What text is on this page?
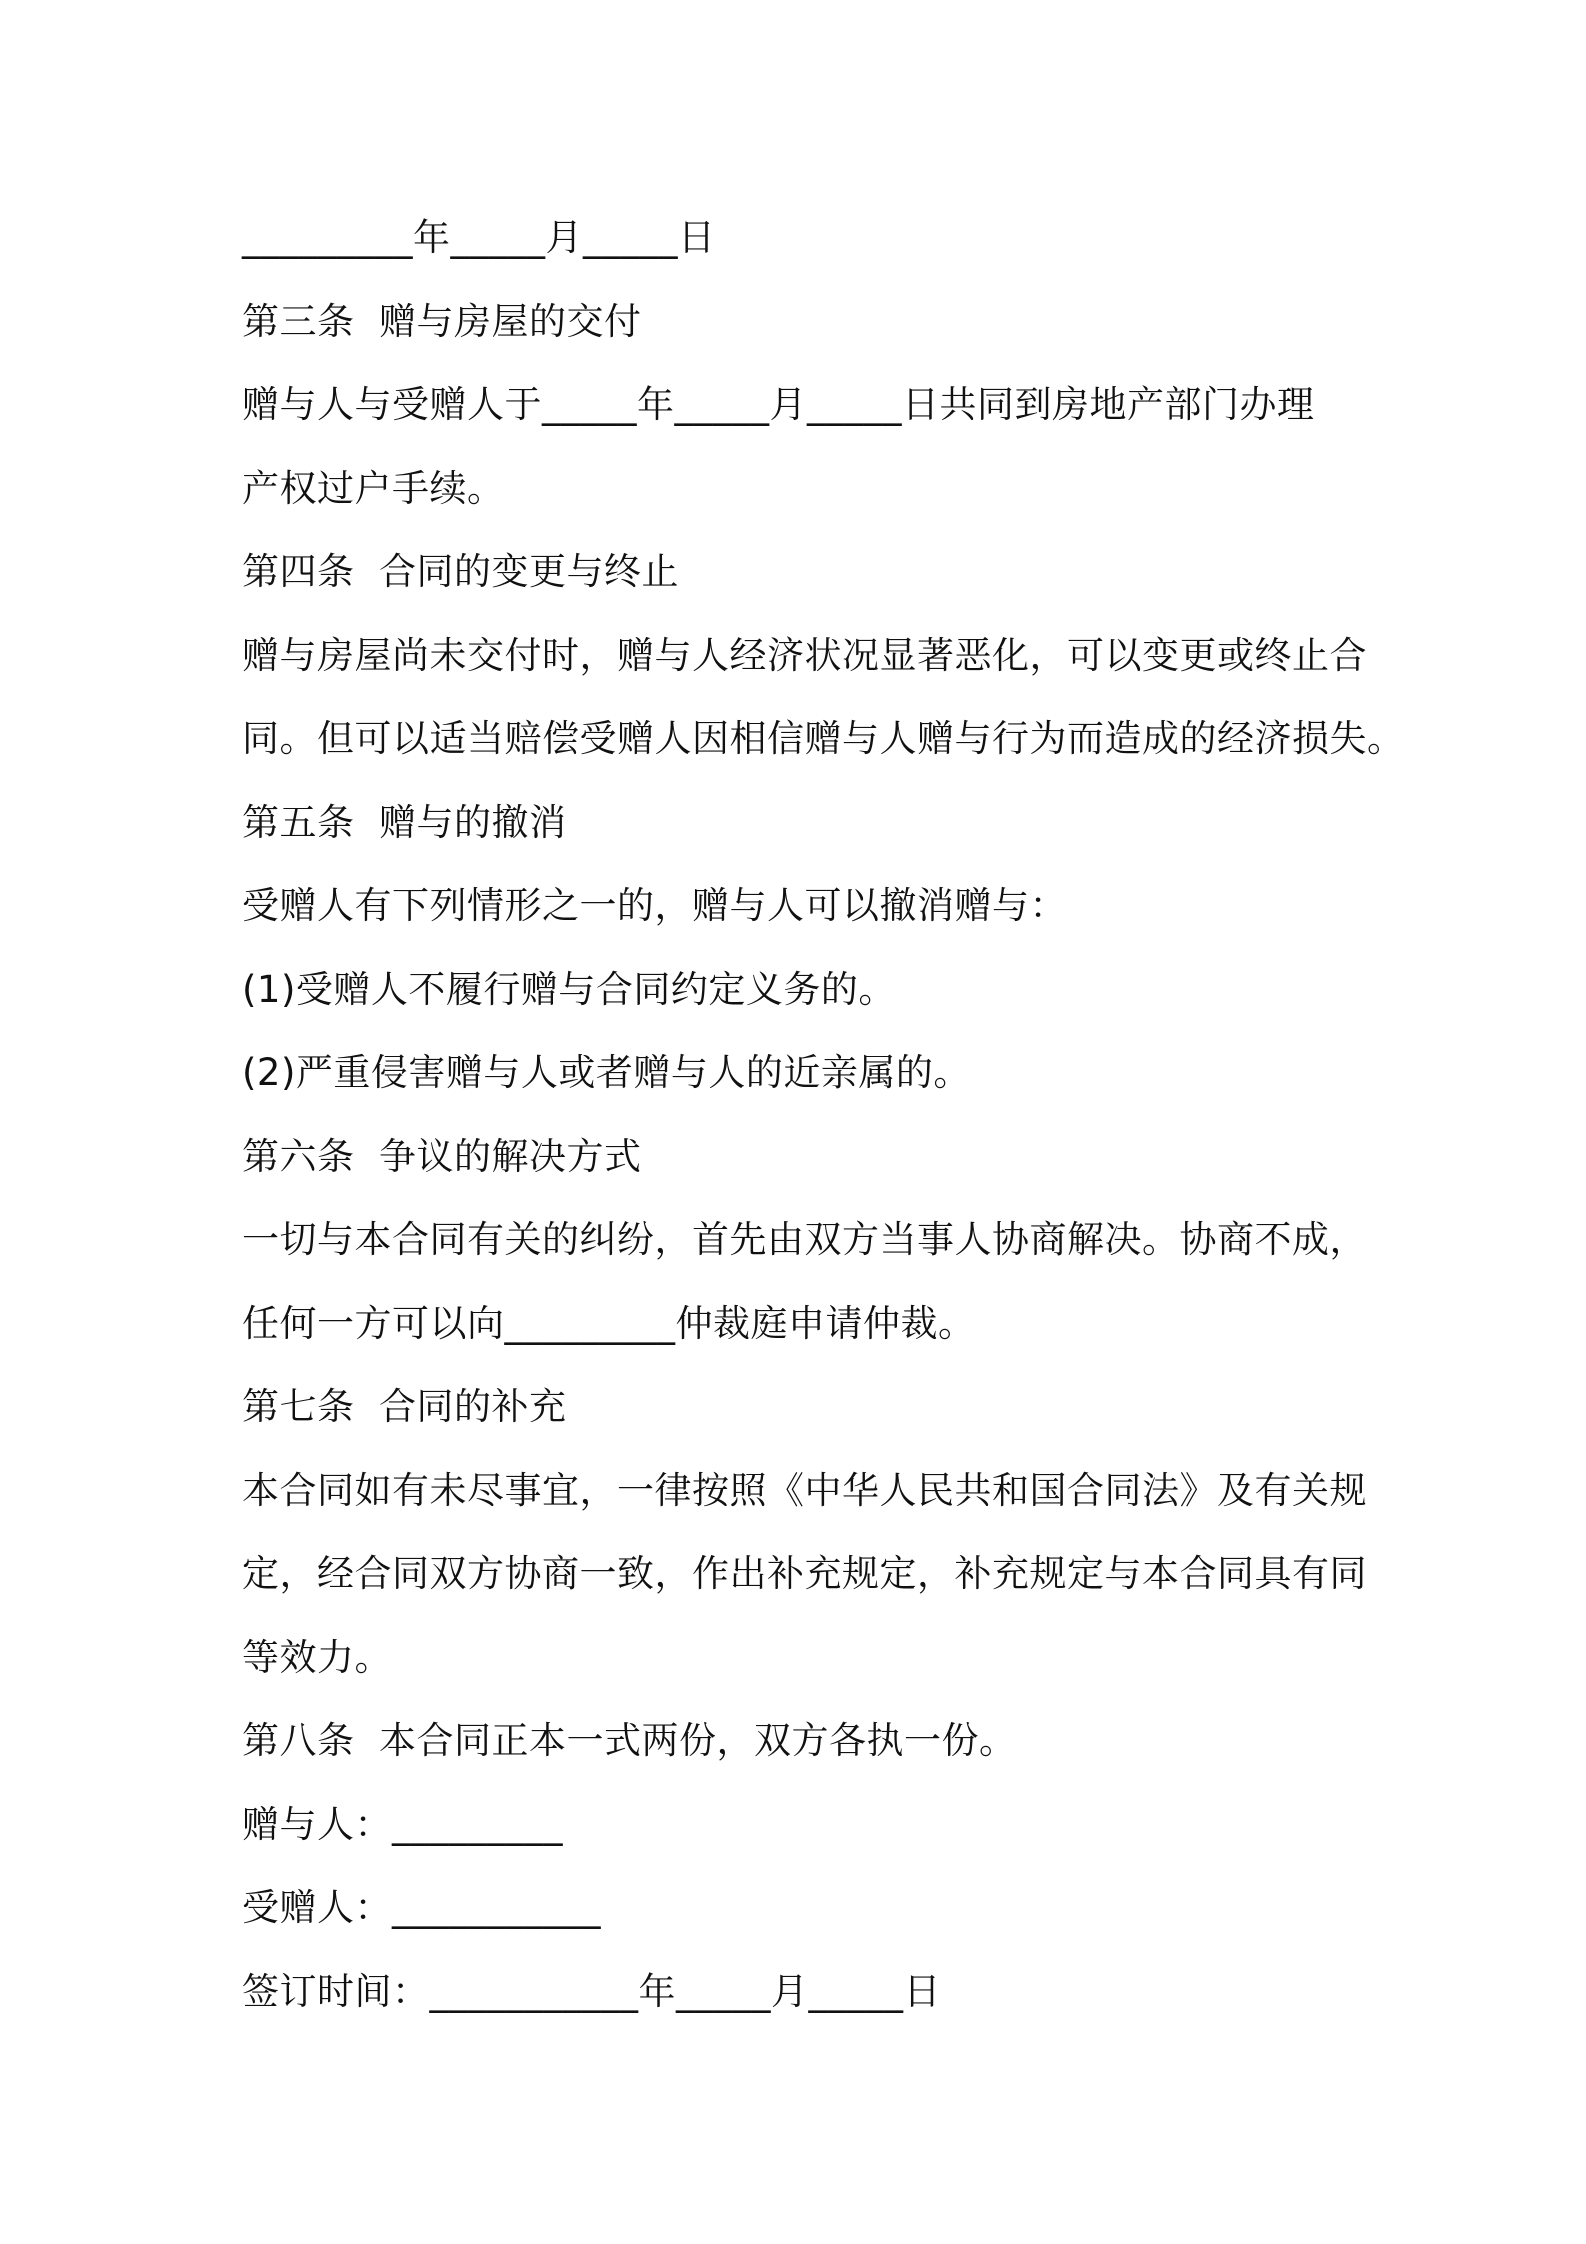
_________年_____月_____日
第三条  赠与房屋的交付
赠与人与受赠人于_____年_____月_____日共同到房地产部门办理
产权过户手续。
第四条  合同的变更与终止
赠与房屋尚未交付时，赠与人经济状况显著恶化，可以变更或终止合
同。但可以适当赔偿受赠人因相信赠与人赠与行为而造成的经济损失。
第五条  赠与的撤消
受赠人有下列情形之一的，赠与人可以撤消赠与：
(1)受赠人不履行赠与合同约定义务的。
(2)严重侵害赠与人或者赠与人的近亲属的。
第六条  争议的解决方式
一切与本合同有关的纠纷，首先由双方当事人协商解决。协商不成，
任何一方可以向_________仲裁庭申请仲裁。
第七条  合同的补充
本合同如有未尽事宜，一律按照《中华人民共和国合同法》及有关规
定，经合同双方协商一致，作出补充规定，补充规定与本合同具有同
等效力。
第八条  本合同正本一式两份，双方各执一份。
赠与人：_________
受赠人：___________
签订时间：___________年_____月_____日
